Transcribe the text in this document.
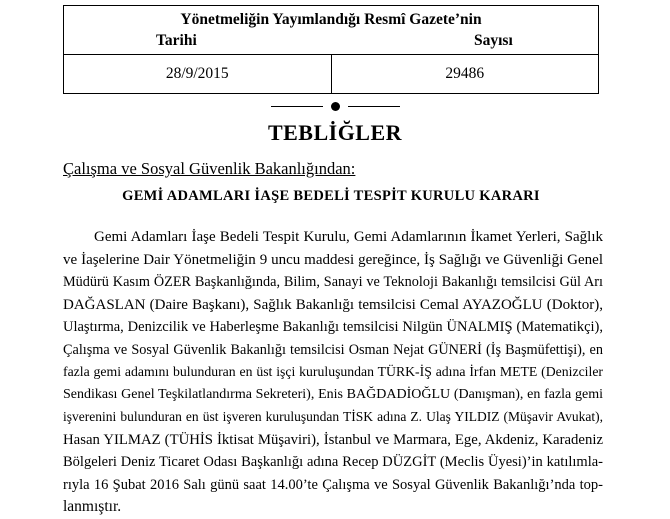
Yönetmeliğin Yayımlandığı Resmî Gazete’nin
Tarihi	Sayısı
28/9/2015	29486
TEBLİĞLER
Çalışma ve Sosyal Güvenlik Bakanlığından:
GEMİ ADAMLARI İAŞE BEDELİ TESPİT KURULU KARARI
Gemi Adamları İaşe Bedeli Tespit Kurulu, Gemi Adamlarının İkamet Yerleri, Sağlık
ve İaşelerine Dair Yönetmeliğin 9 uncu maddesi gereğince, İş Sağlığı ve Güvenliği Genel
Müdürü Kasım ÖZER Başkanlığında, Bilim, Sanayi ve Teknoloji Bakanlığı temsilcisi Gül Arı
DAĞASLAN (Daire Başkanı), Sağlık Bakanlığı temsilcisi Cemal AYAZOĞLU (Doktor),
Ulaştırma, Denizcilik ve Haberleşme Bakanlığı temsilcisi Nilgün ÜNALMIŞ (Matematikçi),
Çalışma ve Sosyal Güvenlik Bakanlığı temsilcisi Osman Nejat GÜNERİ (İş Başmüfettişi), en
fazla gemi adamını bulunduran en üst işçi kuruluşundan TÜRK-İŞ adına İrfan METE (Denizciler
Sendikası Genel Teşkilatlandırma Sekreteri), Enis BAĞDADİOĞLU (Danışman), en fazla gemi
işverenini bulunduran en üst işveren kuruluşundan TİSK adına Z. Ulaş YILDIZ (Müşavir Avukat),
Hasan YILMAZ (TÜHİS İktisat Müşaviri), İstanbul ve Marmara, Ege, Akdeniz, Karadeniz
Bölgeleri Deniz Ticaret Odası Başkanlığı adına Recep DÜZGİT (Meclis Üyesi)’in katılımla-
rıyla 16 Şubat 2016 Salı günü saat 14.00’te Çalışma ve Sosyal Güvenlik Bakanlığı’nda top-
lanmıştır.
